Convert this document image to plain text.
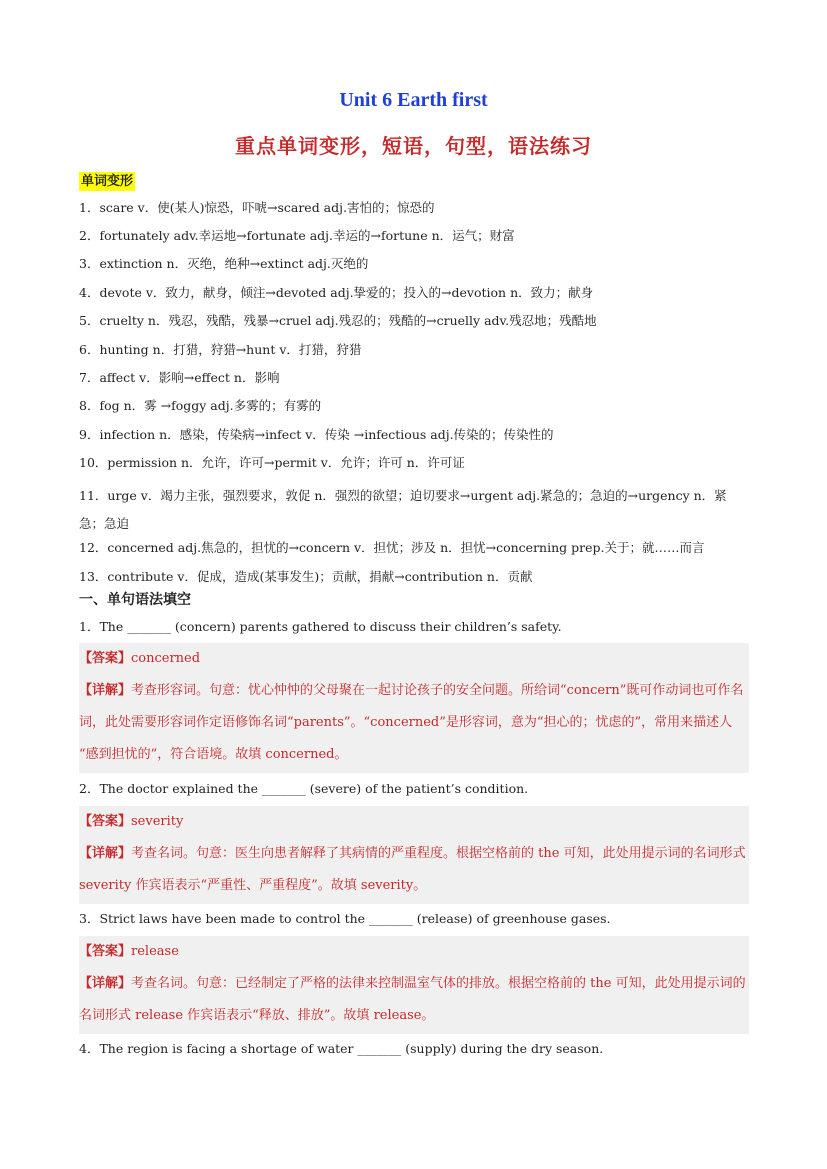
Unit 6 Earth first
重点单词变形，短语，句型，语法练习
单词变形
1．scare v．使(某人)惊恐，吓唬→scared adj.害怕的；惊恐的
2．fortunately adv.幸运地→fortunate adj.幸运的→fortune n．运气；财富
3．extinction n．灭绝，绝种→extinct adj.灭绝的
4．devote v．致力，献身，倾注→devoted adj.挚爱的；投入的→devotion n．致力；献身
5．cruelty n．残忍，残酷，残暴→cruel adj.残忍的；残酷的→cruelly adv.残忍地；残酷地
6．hunting n．打猎，狩猎→hunt v．打猎，狩猎
7．affect v．影响→effect n．影响
8．fog n．雾 →foggy adj.多雾的；有雾的
9．infection n．感染，传染病→infect v．传染 →infectious adj.传染的；传染性的
10．permission n．允许，许可→permit v．允许；许可 n．许可证
11．urge v．竭力主张，强烈要求，敦促 n．强烈的欲望；迫切要求→urgent adj.紧急的；急迫的→urgency n．紧急；急迫
12．concerned adj.焦急的，担忧的→concern v．担忧；涉及 n．担忧→concerning prep.关于；就……而言
13．contribute v．促成，造成(某事发生)；贡献，捐献→contribution n．贡献
一、单句语法填空
1．The _______ (concern) parents gathered to discuss their children’s safety.

【答案】concerned

【详解】考查形容词。句意：忧心忡忡的父母聚在一起讨论孩子的安全问题。所给词“concern”既可作动词也可作名词，此处需要形容词作定语修饰名词“parents”。“concerned”是形容词，意为“担心的；忧虑的”，常用来描述人 “感到担忧的”，符合语境。故填 concerned。

2．The doctor explained the _______ (severe) of the patient’s condition.

【答案】severity

【详解】考查名词。句意：医生向患者解释了其病情的严重程度。根据空格前的 the 可知，此处用提示词的名词形式 severity 作宾语表示“严重性、严重程度”。故填 severity。

3．Strict laws have been made to control the _______ (release) of greenhouse gases.

【答案】release

【详解】考查名词。句意：已经制定了严格的法律来控制温室气体的排放。根据空格前的 the 可知，此处用提示词的名词形式 release 作宾语表示“释放、排放”。故填 release。

4．The region is facing a shortage of water _______ (supply) during the dry season.
